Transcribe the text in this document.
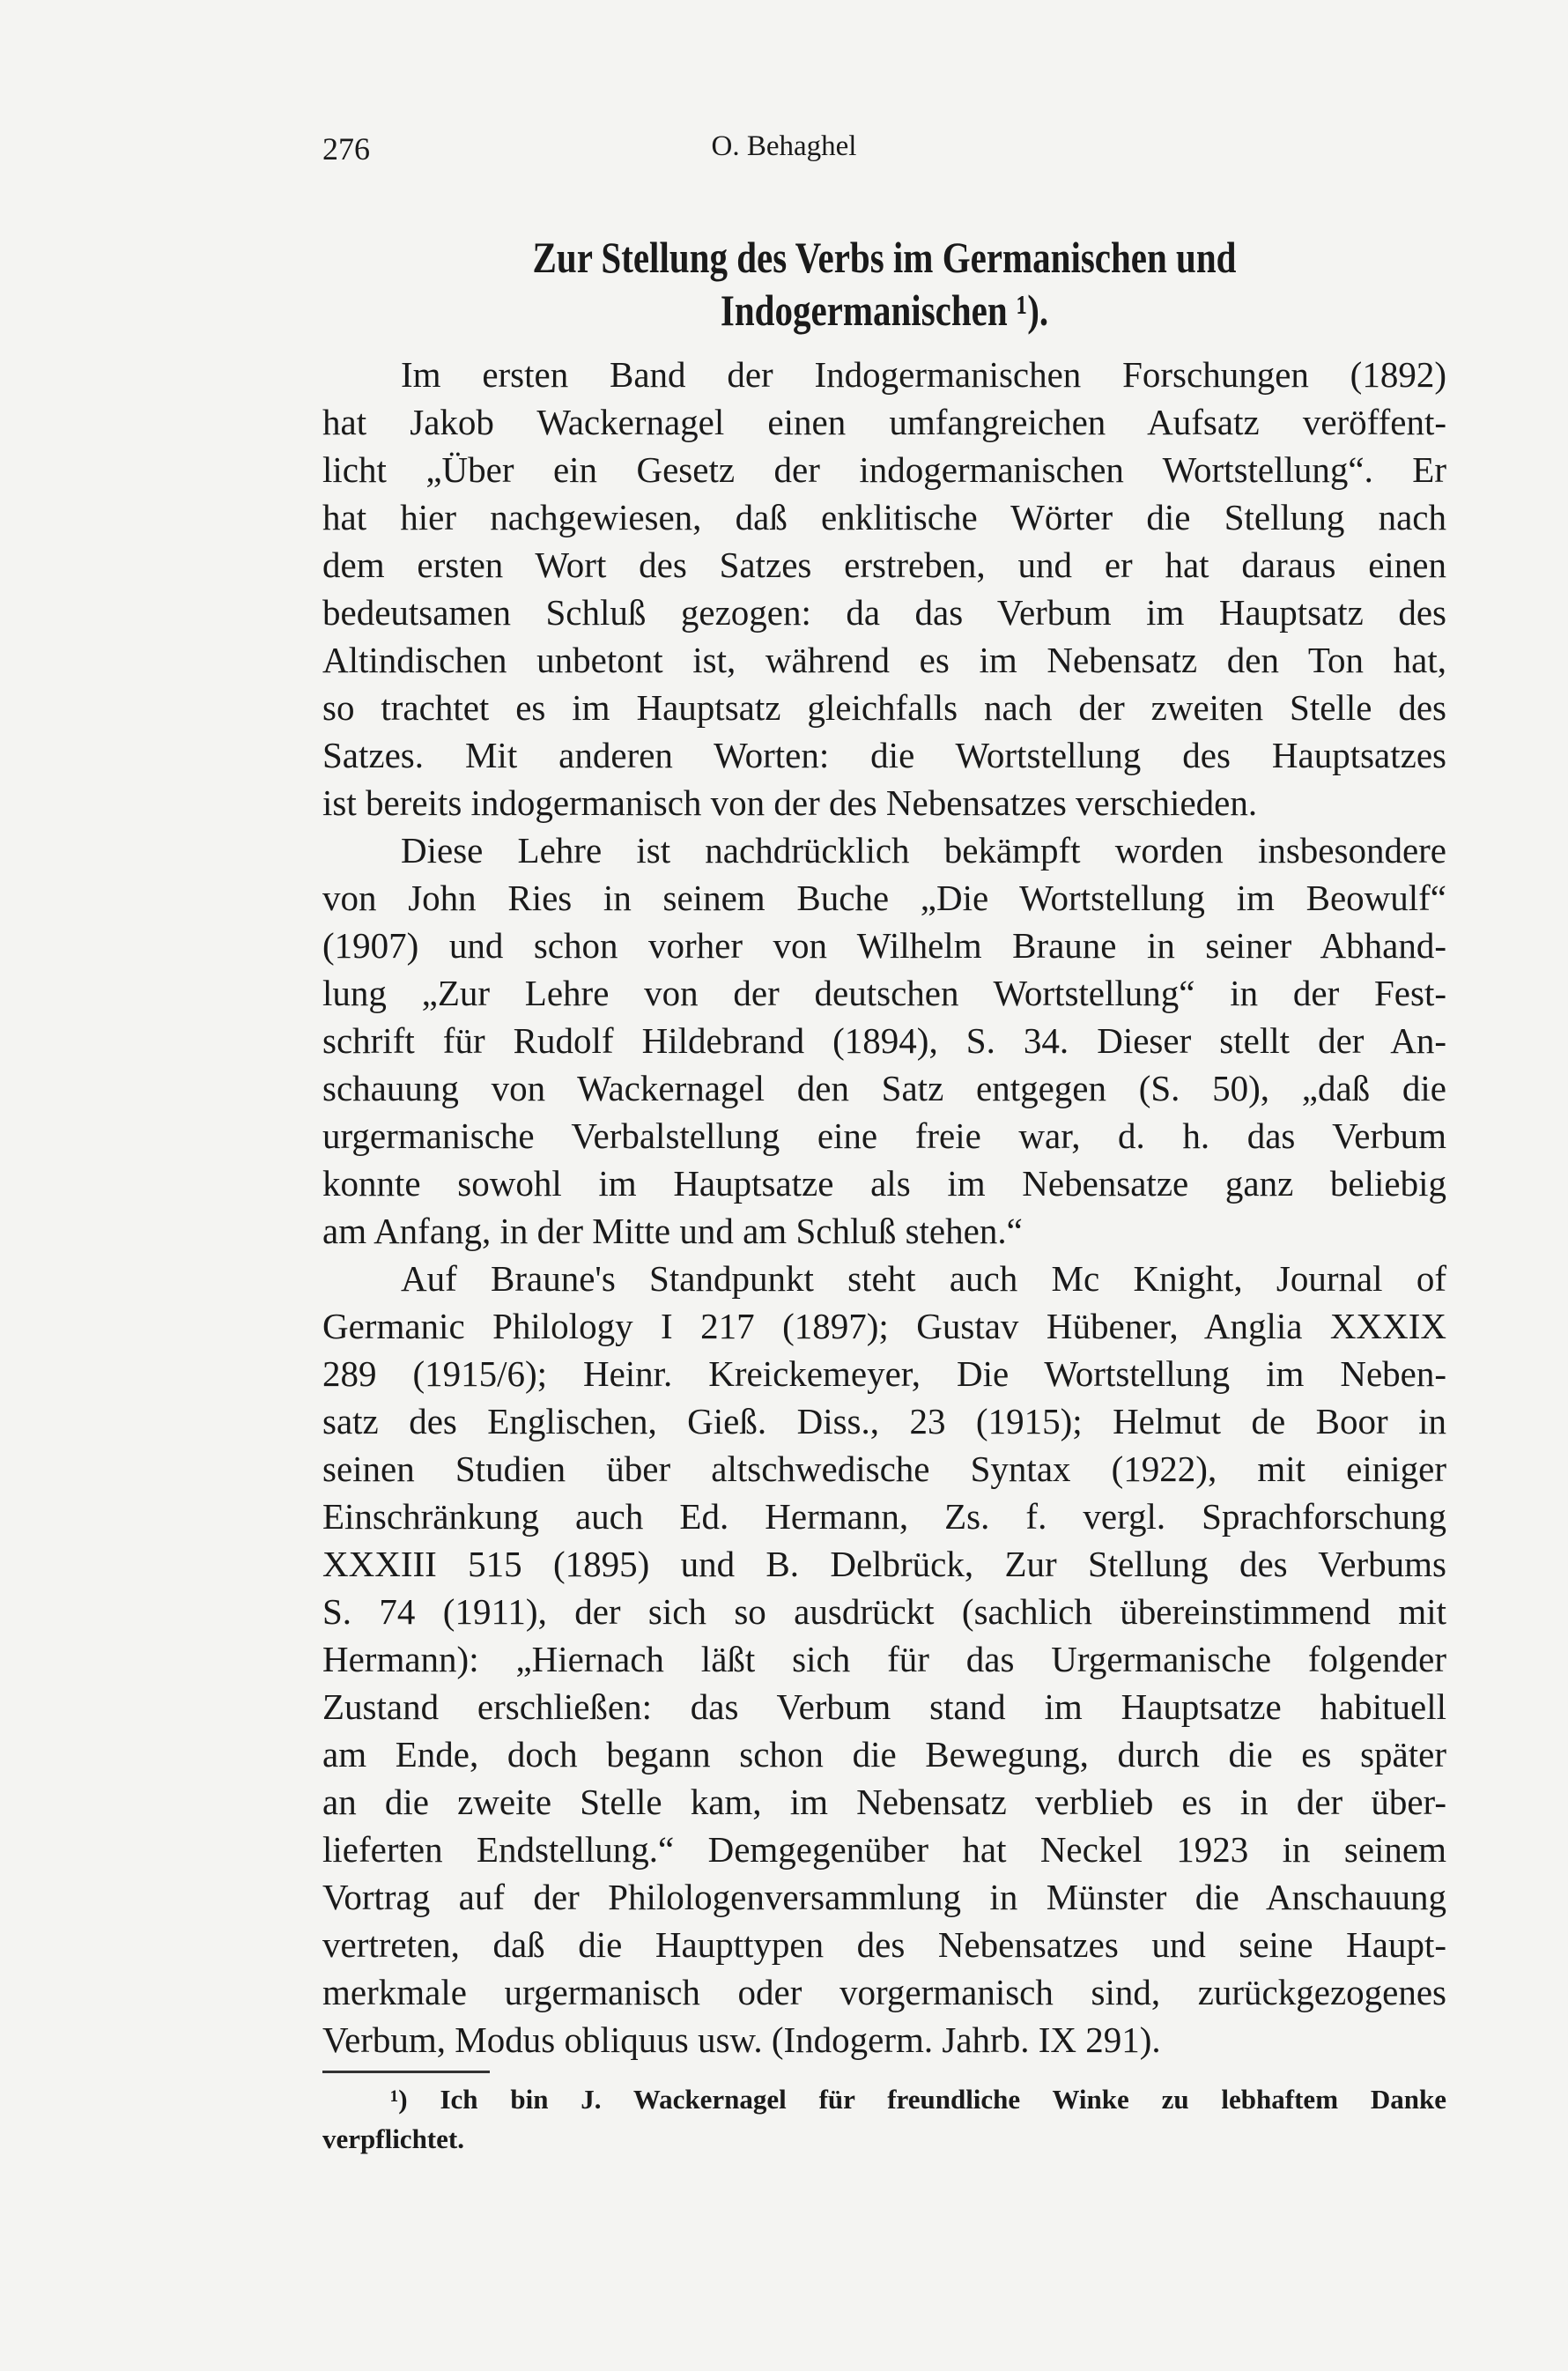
276	O. Behaghel
Zur Stellung des Verbs im Germanischen und
Indogermanischen ¹).
Im ersten Band der Indogermanischen Forschungen (1892)
hat Jakob Wackernagel einen umfangreichen Aufsatz veröffent-
licht „Über ein Gesetz der indogermanischen Wortstellung“. Er
hat hier nachgewiesen, daß enklitische Wörter die Stellung nach
dem ersten Wort des Satzes erstreben, und er hat daraus einen
bedeutsamen Schluß gezogen: da das Verbum im Hauptsatz des
Altindischen unbetont ist, während es im Nebensatz den Ton hat,
so trachtet es im Hauptsatz gleichfalls nach der zweiten Stelle des
Satzes. Mit anderen Worten: die Wortstellung des Hauptsatzes
ist bereits indogermanisch von der des Nebensatzes verschieden.
Diese Lehre ist nachdrücklich bekämpft worden insbesondere
von John Ries in seinem Buche „Die Wortstellung im Beowulf“
(1907) und schon vorher von Wilhelm Braune in seiner Abhand-
lung „Zur Lehre von der deutschen Wortstellung“ in der Fest-
schrift für Rudolf Hildebrand (1894), S. 34. Dieser stellt der An-
schauung von Wackernagel den Satz entgegen (S. 50), „daß die
urgermanische Verbalstellung eine freie war, d. h. das Verbum
konnte sowohl im Hauptsatze als im Nebensatze ganz beliebig
am Anfang, in der Mitte und am Schluß stehen.“
Auf Braune's Standpunkt steht auch Mc Knight, Journal of
Germanic Philology I 217 (1897); Gustav Hübener, Anglia XXXIX
289 (1915/6); Heinr. Kreickemeyer, Die Wortstellung im Neben-
satz des Englischen, Gieß. Diss., 23 (1915); Helmut de Boor in
seinen Studien über altschwedische Syntax (1922), mit einiger
Einschränkung auch Ed. Hermann, Zs. f. vergl. Sprachforschung
XXXIII 515 (1895) und B. Delbrück, Zur Stellung des Verbums
S. 74 (1911), der sich so ausdrückt (sachlich übereinstimmend mit
Hermann): „Hiernach läßt sich für das Urgermanische folgender
Zustand erschließen: das Verbum stand im Hauptsatze habituell
am Ende, doch begann schon die Bewegung, durch die es später
an die zweite Stelle kam, im Nebensatz verblieb es in der über-
lieferten Endstellung.“ Demgegenüber hat Neckel 1923 in seinem
Vortrag auf der Philologenversammlung in Münster die Anschauung
vertreten, daß die Haupttypen des Nebensatzes und seine Haupt-
merkmale urgermanisch oder vorgermanisch sind, zurückgezogenes
Verbum, Modus obliquus usw. (Indogerm. Jahrb. IX 291).
¹) Ich bin J. Wackernagel für freundliche Winke zu lebhaftem Danke
verpflichtet.
